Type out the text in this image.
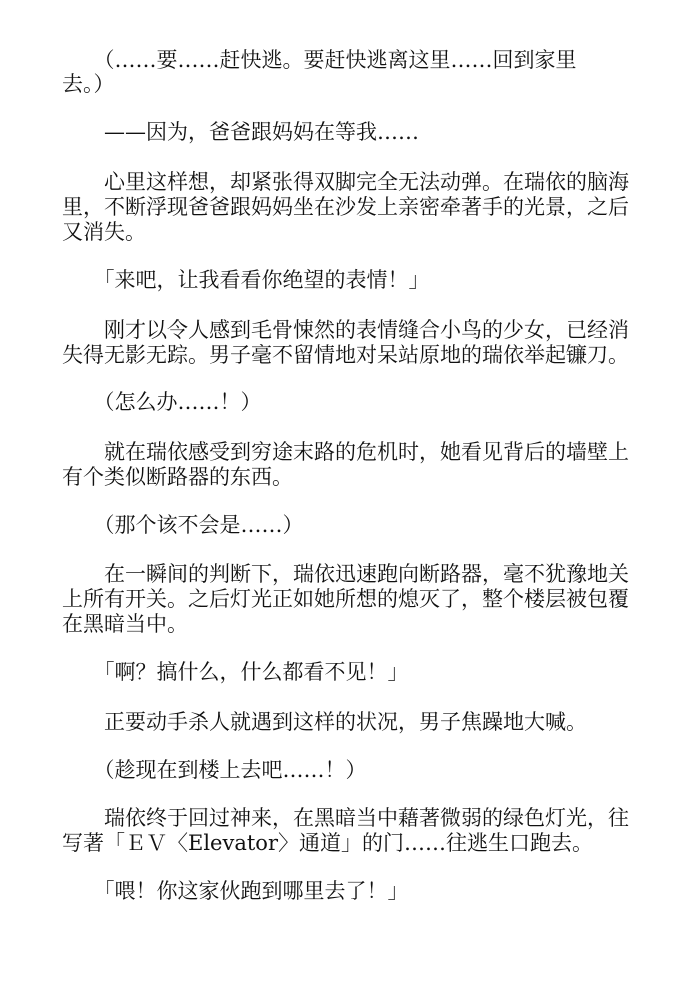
　　（……要……赶快逃。要赶快逃离这里……回到家里

去。）

　　——因为，爸爸跟妈妈在等我……

　　心里这样想，却紧张得双脚完全无法动弹。在瑞依的脑海

里，不断浮现爸爸跟妈妈坐在沙发上亲密牵著手的光景，之后

又消失。

　　「来吧，让我看看你绝望的表情！」

　　刚才以令人感到毛骨悚然的表情缝合小鸟的少女，已经消

失得无影无踪。男子毫不留情地对呆站原地的瑞依举起镰刀。

　　（怎么办……！）

　　就在瑞依感受到穷途末路的危机时，她看见背后的墙壁上

有个类似断路器的东西。

　　（那个该不会是……）

　　在一瞬间的判断下，瑞依迅速跑向断路器，毫不犹豫地关

上所有开关。之后灯光正如她所想的熄灭了，整个楼层被包覆

在黑暗当中。

　　「啊？搞什么，什么都看不见！」

　　正要动手杀人就遇到这样的状况，男子焦躁地大喊。

　　（趁现在到楼上去吧……！）

　　瑞依终于回过神来，在黑暗当中藉著微弱的绿色灯光，往

写著「ＥＶ〈Elevator〉通道」的门……往逃生口跑去。

　　「喂！你这家伙跑到哪里去了！」
